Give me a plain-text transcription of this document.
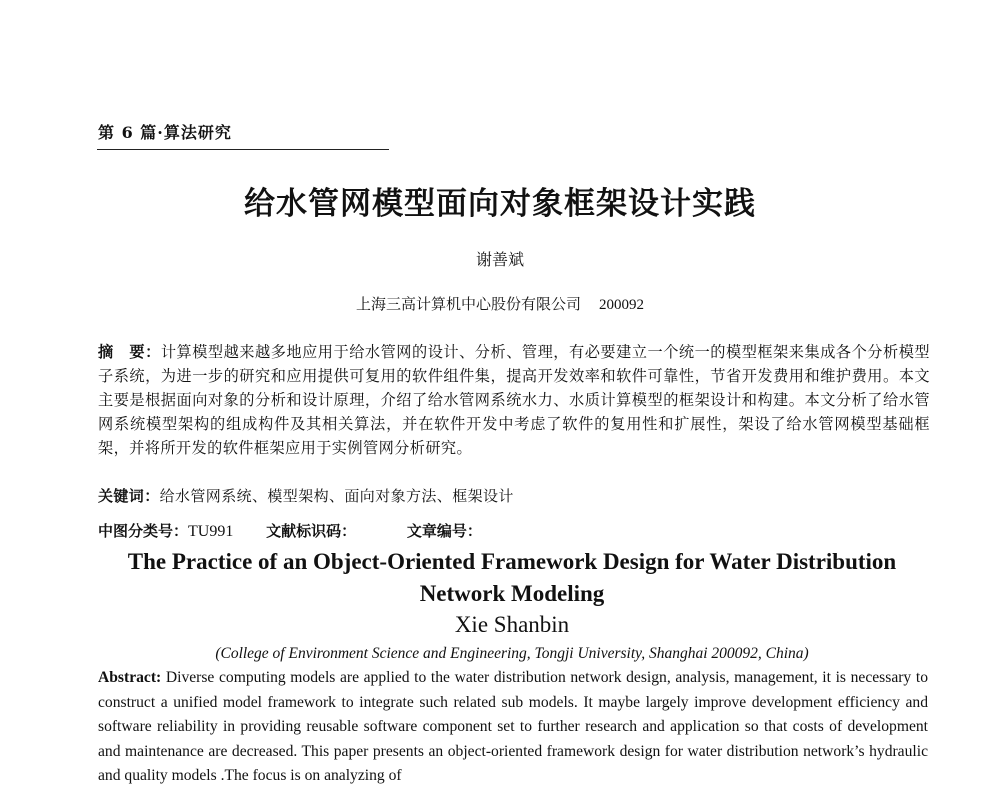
第 6 篇·算法研究
给水管网模型面向对象框架设计实践
谢善斌
上海三高计算机中心股份有限公司 200092
摘　要：计算模型越来越多地应用于给水管网的设计、分析、管理，有必要建立一个统一的模型框架来集成各个分析模型子系统，为进一步的研究和应用提供可复用的软件组件集，提高开发效率和软件可靠性，节省开发费用和维护费用。本文主要是根据面向对象的分析和设计原理，介绍了给水管网系统水力、水质计算模型的框架设计和构建。本文分析了给水管网系统模型架构的组成构件及其相关算法，并在软件开发中考虑了软件的复用性和扩展性，架设了给水管网模型基础框架，并将所开发的软件框架应用于实例管网分析研究。
关键词：给水管网系统、模型架构、面向对象方法、框架设计
中图分类号：TU991 文献标识码：	文章编号：
The Practice of an Object-Oriented Framework Design for Water Distribution
Network Modeling
Xie Shanbin
(College of Environment Science and Engineering, Tongji University, Shanghai 200092, China)
Abstract: Diverse computing models are applied to the water distribution network design, analysis, management, it is necessary to construct a unified model framework to integrate such related sub models. It maybe largely improve development efficiency and software reliability in providing reusable software component set to further research and application so that costs of development and maintenance are decreased. This paper presents an object-oriented framework design for water distribution network’s hydraulic and quality models .The focus is on analyzing of
